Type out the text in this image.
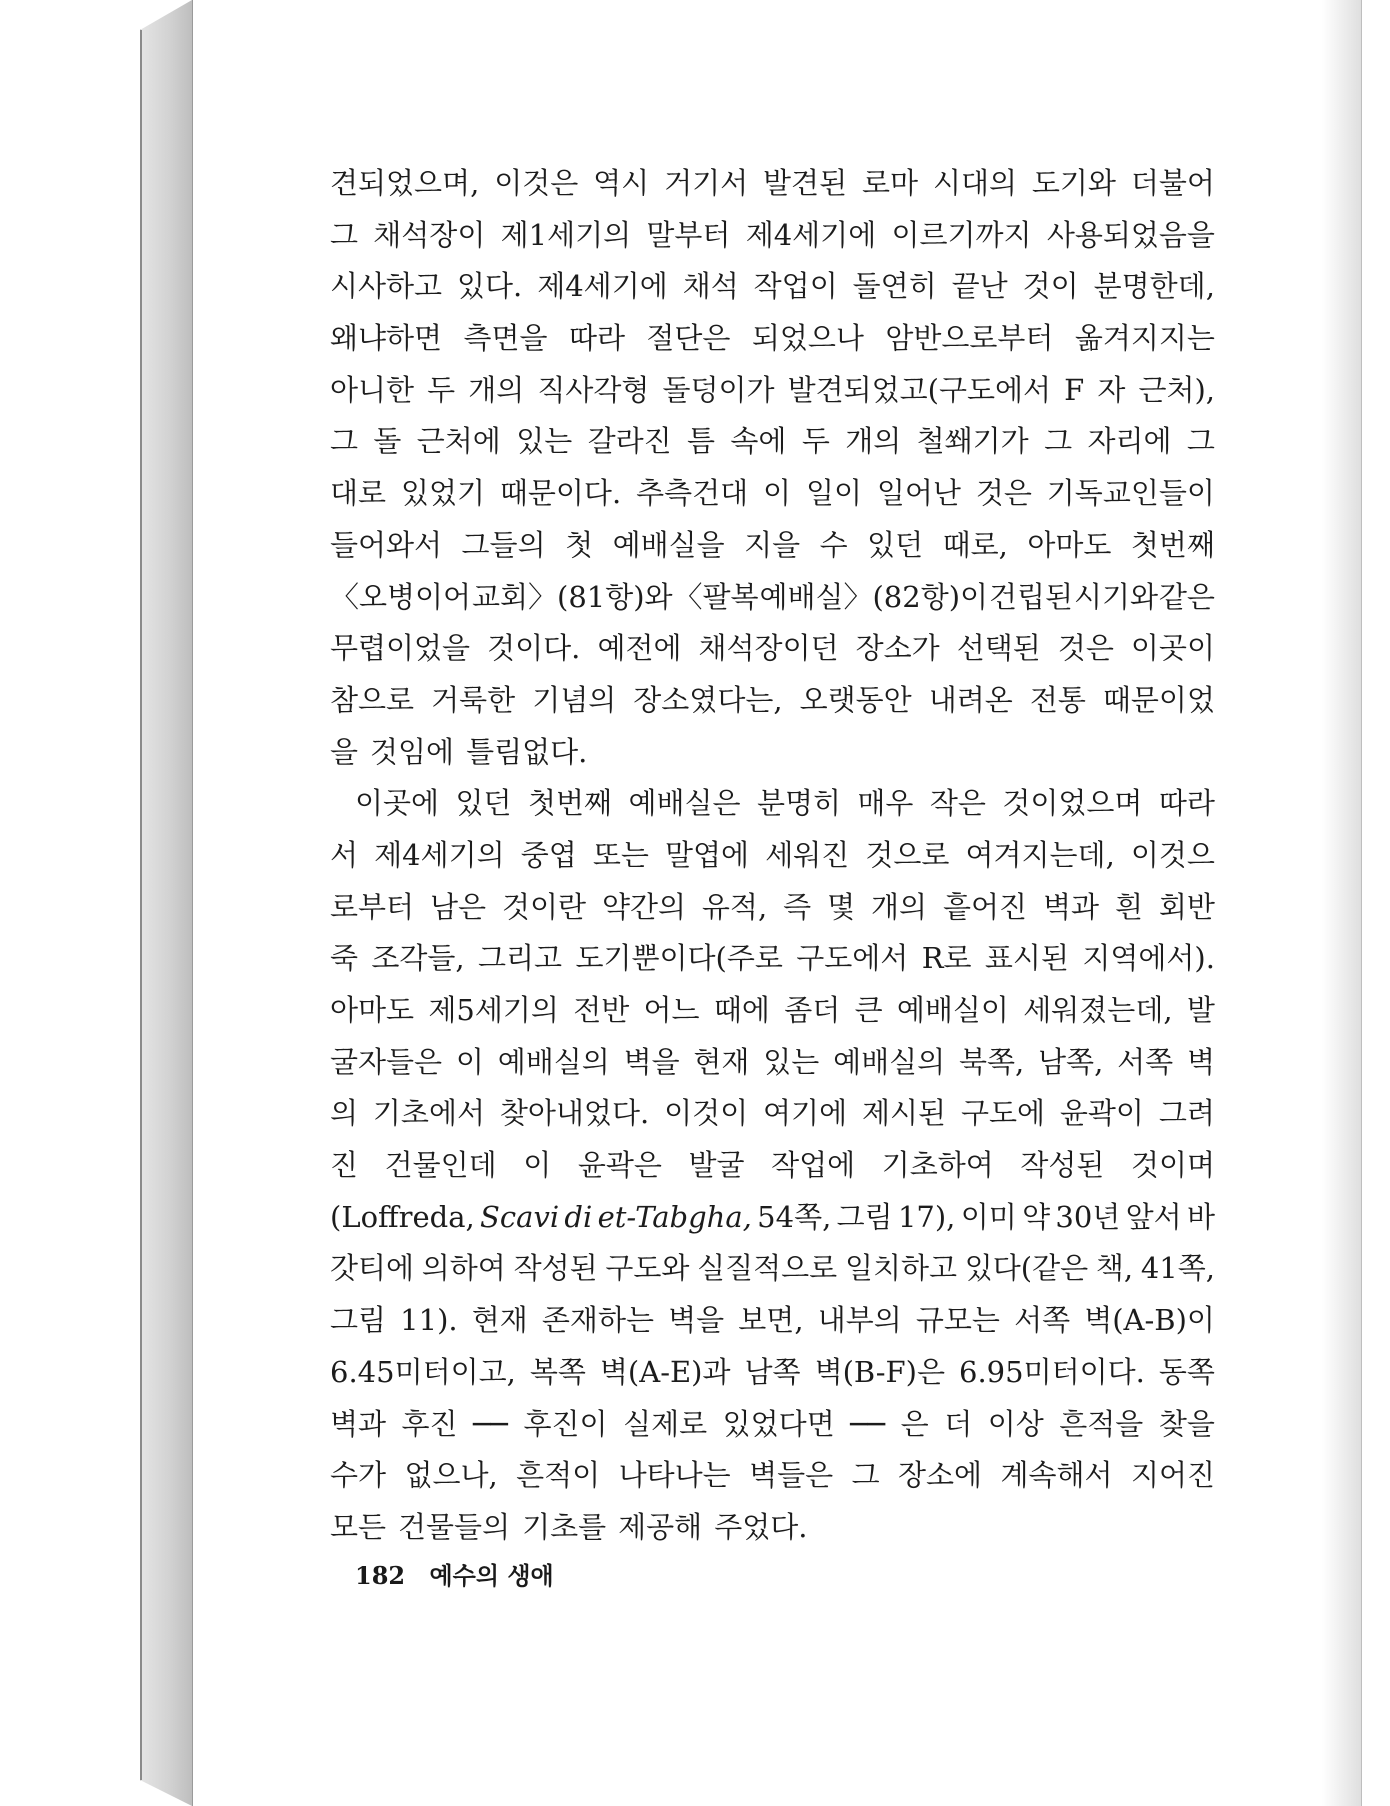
견되었으며, 이것은 역시 거기서 발견된 로마 시대의 도기와 더불어
그 채석장이 제1세기의 말부터 제4세기에 이르기까지 사용되었음을
시사하고 있다. 제4세기에 채석 작업이 돌연히 끝난 것이 분명한데,
왜냐하면 측면을 따라 절단은 되었으나 암반으로부터 옮겨지지는
아니한 두 개의 직사각형 돌덩이가 발견되었고(구도에서 F 자 근처),
그 돌 근처에 있는 갈라진 틈 속에 두 개의 철쐐기가 그 자리에 그
대로 있었기 때문이다. 추측건대 이 일이 일어난 것은 기독교인들이
들어와서 그들의 첫 예배실을 지을 수 있던 때로, 아마도 첫번째
〈오병이어 교회〉(81항)와 〈팔복 예배실〉(82항)이 건립된 시기와 같은
무렵이었을 것이다. 예전에 채석장이던 장소가 선택된 것은 이곳이
참으로 거룩한 기념의 장소였다는, 오랫동안 내려온 전통 때문이었
을 것임에 틀림없다.
이곳에 있던 첫번째 예배실은 분명히 매우 작은 것이었으며 따라
서 제4세기의 중엽 또는 말엽에 세워진 것으로 여겨지는데, 이것으
로부터 남은 것이란 약간의 유적, 즉 몇 개의 흩어진 벽과 흰 회반
죽 조각들, 그리고 도기뿐이다(주로 구도에서 R로 표시된 지역에서).
아마도 제5세기의 전반 어느 때에 좀더 큰 예배실이 세워졌는데, 발
굴자들은 이 예배실의 벽을 현재 있는 예배실의 북쪽, 남쪽, 서쪽 벽
의 기초에서 찾아내었다. 이것이 여기에 제시된 구도에 윤곽이 그려
진 건물인데 이 윤곽은 발굴 작업에 기초하여 작성된 것이며
(Loffreda, Scavi di et-Tabgha, 54쪽, 그림 17), 이미 약 30년 앞서 바
갓티에 의하여 작성된 구도와 실질적으로 일치하고 있다(같은 책, 41쪽,
그림 11). 현재 존재하는 벽을 보면, 내부의 규모는 서쪽 벽(A-B)이
6.45미터이고, 복쪽 벽(A-E)과 남쪽 벽(B-F)은 6.95미터이다. 동쪽
벽과 후진 ── 후진이 실제로 있었다면 ── 은 더 이상 흔적을 찾을
수가 없으나, 흔적이 나타나는 벽들은 그 장소에 계속해서 지어진
모든 건물들의 기초를 제공해 주었다.
182 예수의 생애
